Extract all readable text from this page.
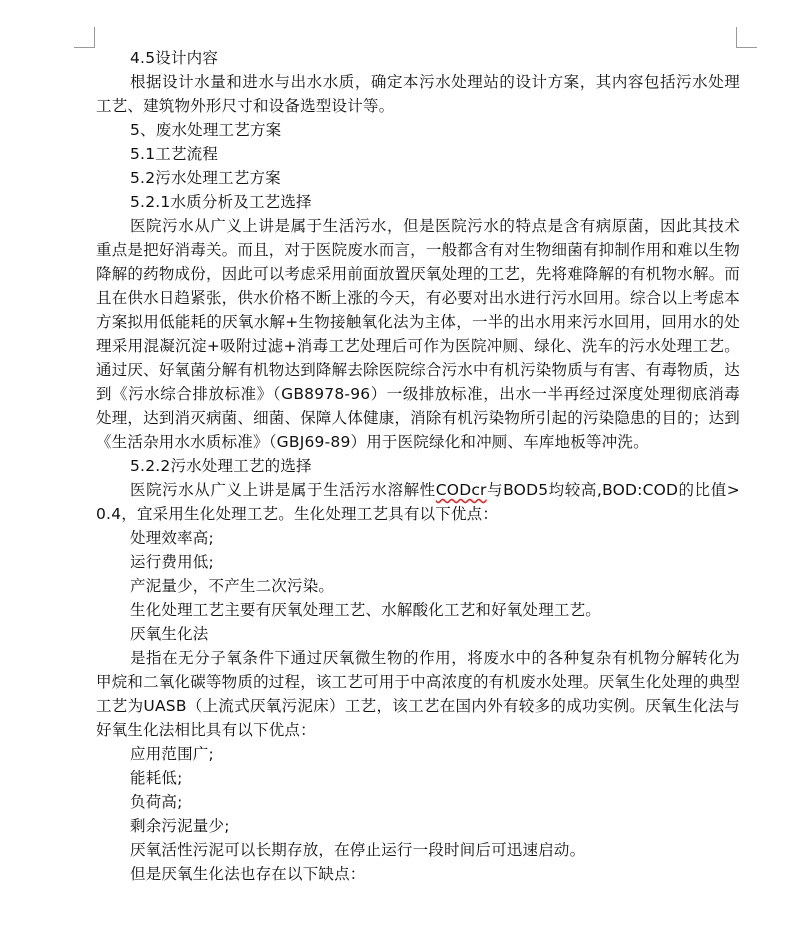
4.5设计内容

根据设计水量和进水与出水水质，确定本污水处理站的设计方案，其内容包括污水处理工艺、建筑物外形尺寸和设备选型设计等。

5、废水处理工艺方案

5.1工艺流程

5.2污水处理工艺方案

5.2.1水质分析及工艺选择

医院污水从广义上讲是属于生活污水，但是医院污水的特点是含有病原菌，因此其技术重点是把好消毒关。而且，对于医院废水而言，一般都含有对生物细菌有抑制作用和难以生物降解的药物成份，因此可以考虑采用前面放置厌氧处理的工艺，先将难降解的有机物水解。而且在供水日趋紧张，供水价格不断上涨的今天，有必要对出水进行污水回用。综合以上考虑本方案拟用低能耗的厌氧水解+生物接触氧化法为主体，一半的出水用来污水回用，回用水的处理采用混凝沉淀+吸附过滤+消毒工艺处理后可作为医院冲厕、绿化、洗车的污水处理工艺。通过厌、好氧菌分解有机物达到降解去除医院综合污水中有机污染物质与有害、有毒物质，达到《污水综合排放标准》（GB8978-96）一级排放标准，出水一半再经过深度处理彻底消毒处理，达到消灭病菌、细菌、保障人体健康，消除有机污染物所引起的污染隐患的目的；达到《生活杂用水水质标准》（GBJ69-89）用于医院绿化和冲厕、车库地板等冲洗。

5.2.2污水处理工艺的选择

医院污水从广义上讲是属于生活污水溶解性CODcr与BOD5均较高,BOD:COD的比值>0.4，宜采用生化处理工艺。生化处理工艺具有以下优点：

处理效率高;

运行费用低;

产泥量少，不产生二次污染。

生化处理工艺主要有厌氧处理工艺、水解酸化工艺和好氧处理工艺。

厌氧生化法

是指在无分子氧条件下通过厌氧微生物的作用，将废水中的各种复杂有机物分解转化为甲烷和二氧化碳等物质的过程，该工艺可用于中高浓度的有机废水处理。厌氧生化处理的典型工艺为UASB（上流式厌氧污泥床）工艺，该工艺在国内外有较多的成功实例。厌氧生化法与好氧生化法相比具有以下优点：

应用范围广;

能耗低;

负荷高;

剩余污泥量少;

厌氧活性污泥可以长期存放，在停止运行一段时间后可迅速启动。

但是厌氧生化法也存在以下缺点：
